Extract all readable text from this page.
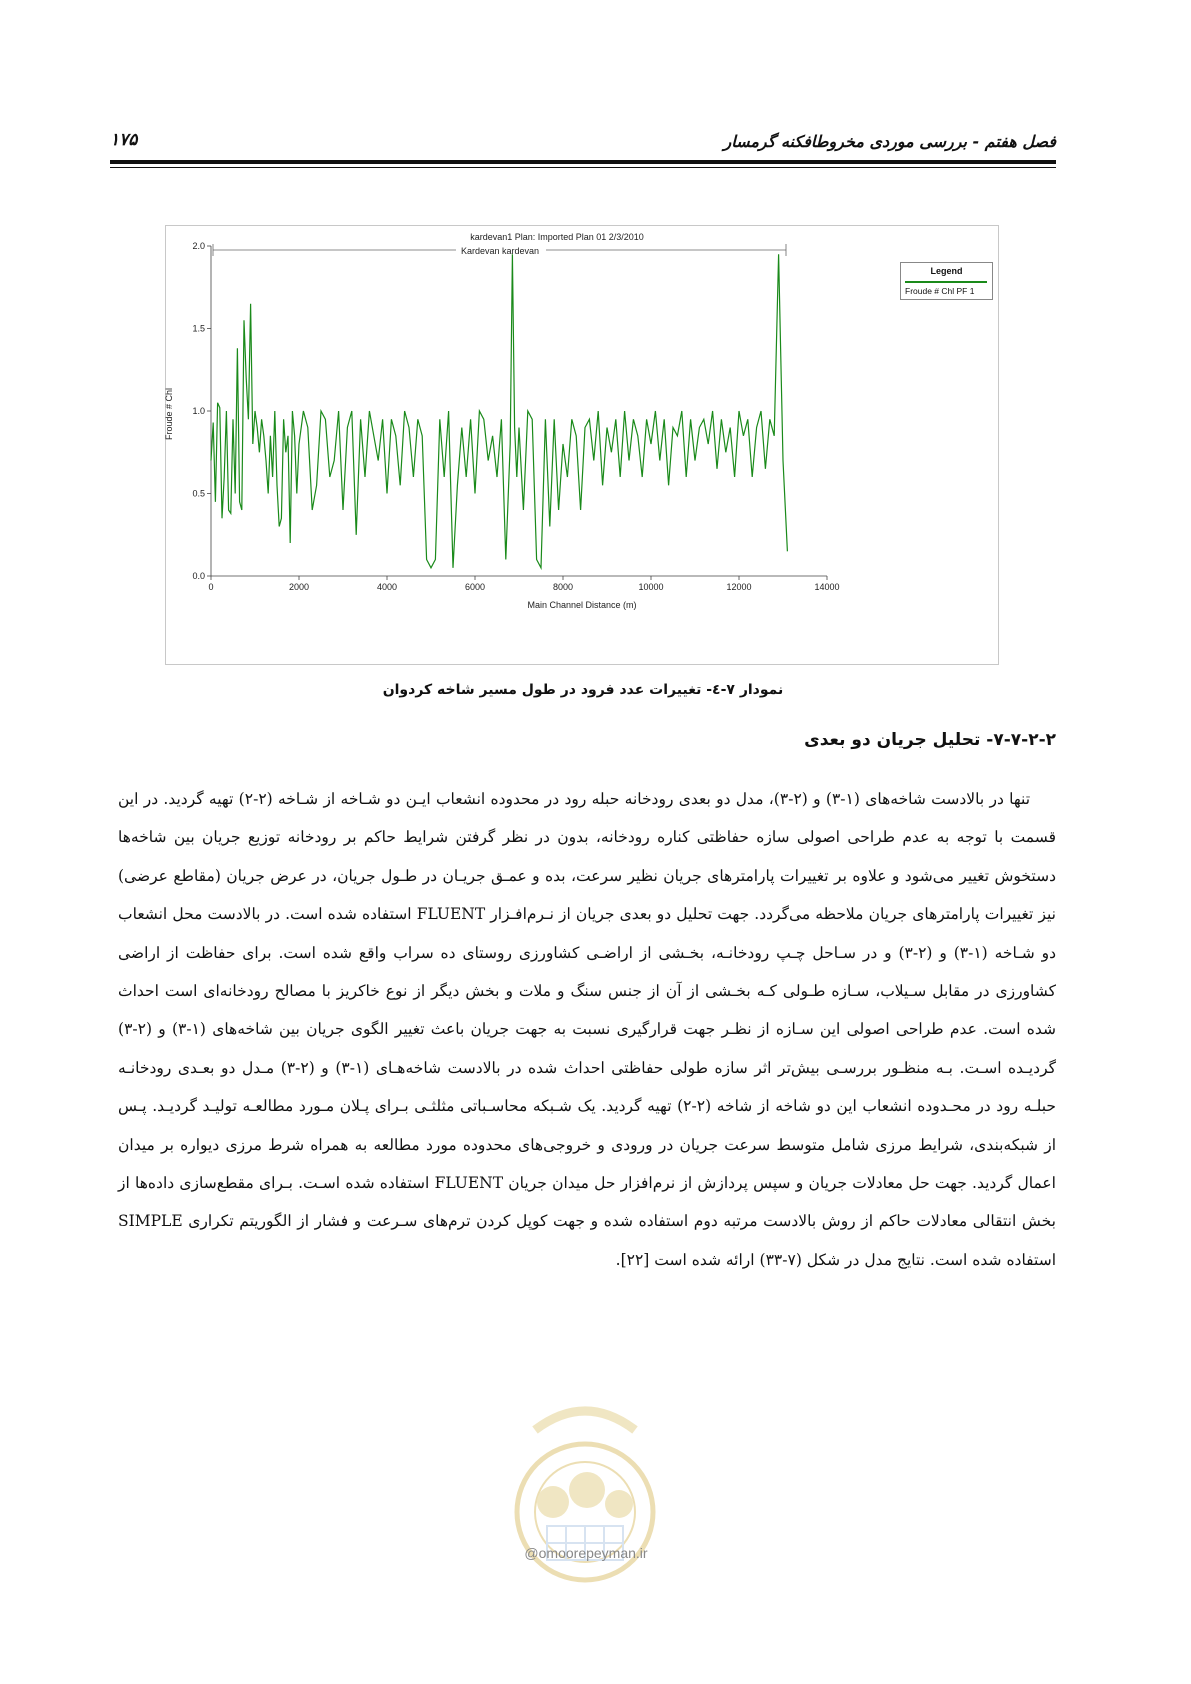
فصل هفتم - بررسی موردی مخروطافکنه گرمسار
۱۷۵
kardevan1 Plan: Imported Plan 01 2/3/2010
Kardevan kardevan
0	2000	4000	6000	8000	10000	12000	14000
0.0
0.5
1.0
1.5
2.0
Main Channel Distance (m)
Froude # Chl
Legend
Froude # Chl PF 1
نمودار ۷-٤- تغییرات عدد فرود در طول مسیر شاخه کردوان
۷-۷-۲-۲- تحلیل جریان دو بعدی

تنها در بالادست شاخه‌های (۱-۳) و (۲-۳)، مدل دو بعدی رودخانه حبله رود در محدوده انشعاب ایـن دو شـاخه از شـاخه (۲-۲) تهیه گردید. در این قسمت با توجه به عدم طراحی اصولی سازه حفاظتی کناره رودخانه، بدون در نظر گرفتن شرایط حاکم بر رودخانه توزیع جریان بین شاخه‌ها دستخوش تغییر می‌شود و علاوه بر تغییرات پارامترهای جریان نظیر سرعت، بده و عمـق جریـان در طـول جریان، در عرض جریان (مقاطع عرضی) نیز تغییرات پارامترهای جریان ملاحظه می‌گردد. جهت تحلیل دو بعدی جریان از نـرم‌افـزار FLUENT استفاده شده است. در بالادست محل انشعاب دو شـاخه (۱-۳) و (۲-۳) و در سـاحل چـپ رودخانـه، بخـشی از اراضـی کشاورزی روستای ده سراب واقع شده است. برای حفاظت از اراضی کشاورزی در مقابل سـیلاب، سـازه طـولی کـه بخـشی از آن از جنس سنگ و ملات و بخش دیگر از نوع خاکریز با مصالح رودخانه‌ای است احداث شده است. عدم طراحی اصولی این سـازه از نظـر جهت قرارگیری نسبت به جهت جریان باعث تغییر الگوی جریان بین شاخه‌های (۱-۳) و (۲-۳) گردیـده اسـت. بـه منظـور بررسـی بیش‌تر اثر سازه طولی حفاظتی احداث شده در بالادست شاخه‌هـای (۱-۳) و (۲-۳) مـدل دو بعـدی رودخانـه حبلـه رود در محـدوده انشعاب این دو شاخه از شاخه (۲-۲) تهیه گردید. یک شـبکه محاسـباتی مثلثـی بـرای پـلان مـورد مطالعـه تولیـد گردیـد. پـس از شبکه‌بندی، شرایط مرزی شامل متوسط سرعت جریان در ورودی و خروجی‌های محدوده مورد مطالعه به همراه شرط مرزی دیواره بر میدان اعمال گردید. جهت حل معادلات جریان و سپس پردازش از نرم‌افزار حل میدان جریان FLUENT استفاده شده اسـت. بـرای مقطع‌سازی داده‌ها از بخش انتقالی معادلات حاکم از روش بالادست مرتبه دوم استفاده شده و جهت کوپل کردن ترم‌های سـرعت و فشار از الگوریتم تکراری SIMPLE استفاده شده است. نتایج مدل در شکل (۷-۳۳) ارائه شده است [۲۲].

@omoorepeyman.ir
